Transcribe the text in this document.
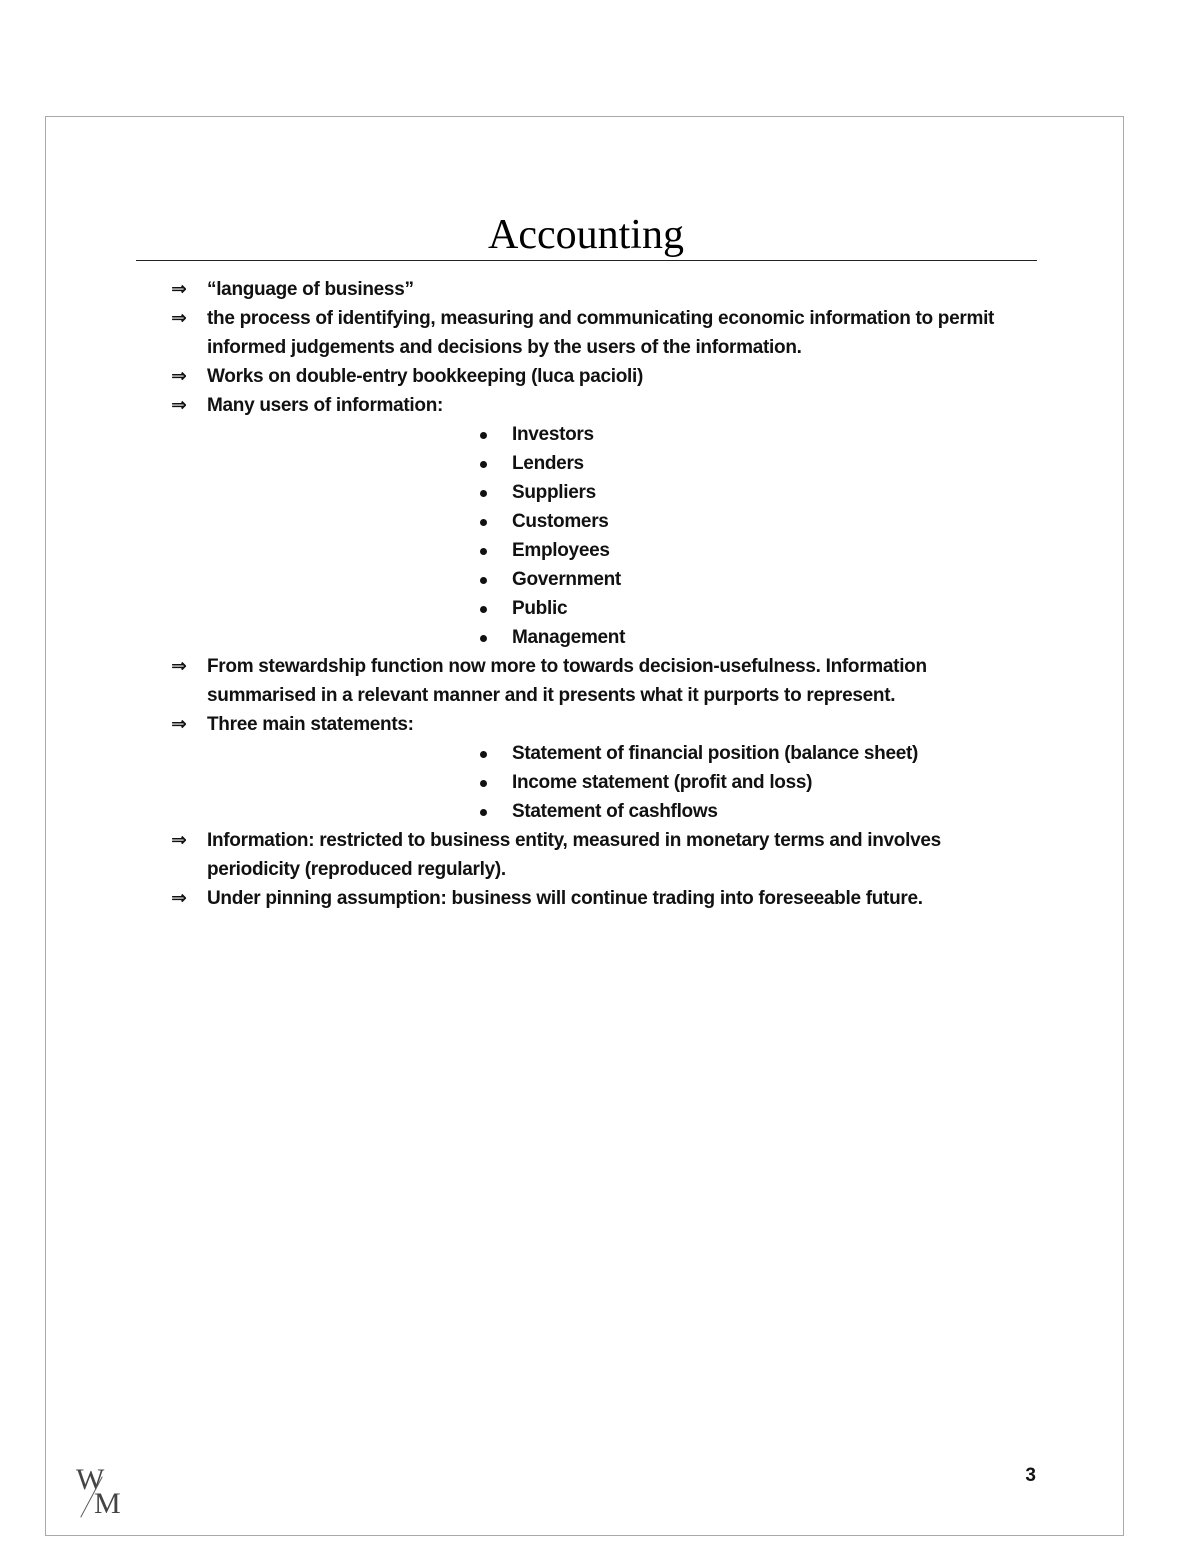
Accounting
⇒	“language of business”
⇒	the process of identifying, measuring and communicating economic information to permit informed judgements and decisions by the users of the information.
⇒	Works on double-entry bookkeeping (luca pacioli)
⇒	Many users of information:
Investors
Lenders
Suppliers
Customers
Employees
Government
Public
Management
⇒	From stewardship function now more to towards decision-usefulness. Information summarised in a relevant manner and it presents what it purports to represent.
⇒	Three main statements:
Statement of financial position (balance sheet)
Income statement (profit and loss)
Statement of cashflows
⇒	Information: restricted to business entity, measured in monetary terms and involves periodicity (reproduced regularly).
⇒	Under pinning assumption: business will continue trading into foreseeable future.
W
M
3
